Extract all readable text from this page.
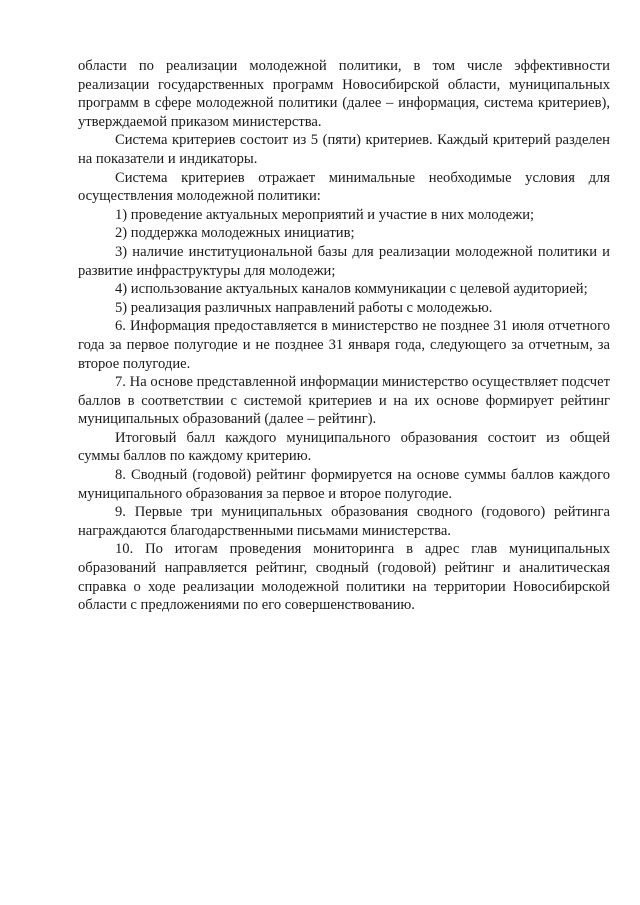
области по реализации молодежной политики, в том числе эффективности реализации государственных программ Новосибирской области, муниципальных программ в сфере молодежной политики (далее – информация, система критериев), утверждаемой приказом министерства.

Система критериев состоит из 5 (пяти) критериев. Каждый критерий разделен на показатели и индикаторы.

Система критериев отражает минимальные необходимые условия для осуществления молодежной политики:

1) проведение актуальных мероприятий и участие в них молодежи;

2) поддержка молодежных инициатив;

3) наличие институциональной базы для реализации молодежной политики и развитие инфраструктуры для молодежи;

4) использование актуальных каналов коммуникации с целевой аудиторией;

5) реализация различных направлений работы с молодежью.

6. Информация предоставляется в министерство не позднее 31 июля отчетного года за первое полугодие и не позднее 31 января года, следующего за отчетным, за второе полугодие.

7. На основе представленной информации министерство осуществляет подсчет баллов в соответствии с системой критериев и на их основе формирует рейтинг муниципальных образований (далее – рейтинг).

Итоговый балл каждого муниципального образования состоит из общей суммы баллов по каждому критерию.

8. Сводный (годовой) рейтинг формируется на основе суммы баллов каждого муниципального образования за первое и второе полугодие.

9. Первые три муниципальных образования сводного (годового) рейтинга награждаются благодарственными письмами министерства.

10. По итогам проведения мониторинга в адрес глав муниципальных образований направляется рейтинг, сводный (годовой) рейтинг и аналитическая справка о ходе реализации молодежной политики на территории Новосибирской области с предложениями по его совершенствованию.
